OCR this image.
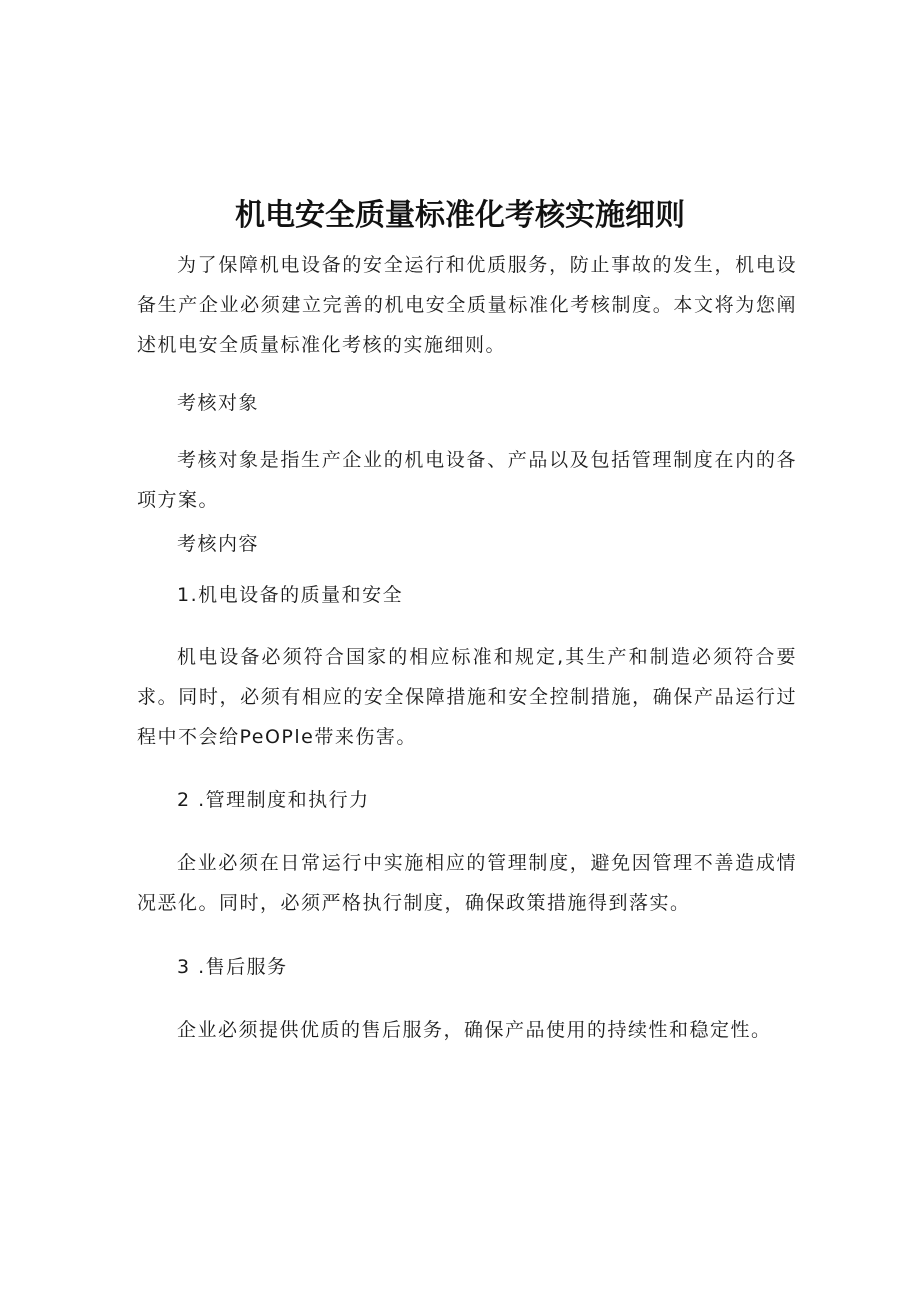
机电安全质量标准化考核实施细则

为了保障机电设备的安全运行和优质服务，防止事故的发生，机电设备生产企业必须建立完善的机电安全质量标准化考核制度。本文将为您阐述机电安全质量标准化考核的实施细则。

考核对象

考核对象是指生产企业的机电设备、产品以及包括管理制度在内的各项方案。

考核内容

1.机电设备的质量和安全

机电设备必须符合国家的相应标准和规定,其生产和制造必须符合要求。同时，必须有相应的安全保障措施和安全控制措施，确保产品运行过程中不会给PeOPle带来伤害。

2 .管理制度和执行力

企业必须在日常运行中实施相应的管理制度，避免因管理不善造成情况恶化。同时，必须严格执行制度，确保政策措施得到落实。

3 .售后服务

企业必须提供优质的售后服务，确保产品使用的持续性和稳定性。
